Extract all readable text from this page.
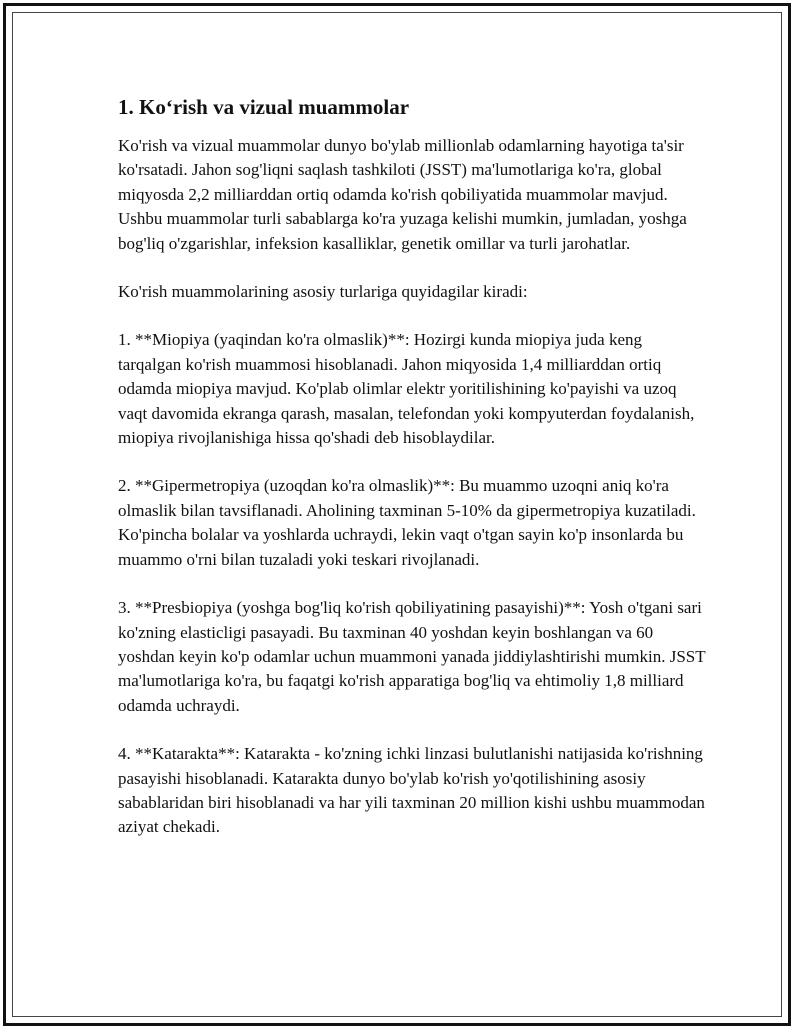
1. Ko‘rish va vizual muammolar

Ko'rish va vizual muammolar dunyo bo'ylab millionlab odamlarning hayotiga ta'sir ko'rsatadi. Jahon sog'liqni saqlash tashkiloti (JSST) ma'lumotlariga ko'ra, global miqyosda 2,2 milliarddan ortiq odamda ko'rish qobiliyatida muammolar mavjud. Ushbu muammolar turli sabablarga ko'ra yuzaga kelishi mumkin, jumladan, yoshga bog'liq o'zgarishlar, infeksion kasalliklar, genetik omillar va turli jarohatlar.

Ko'rish muammolarining asosiy turlariga quyidagilar kiradi:

1. **Miopiya (yaqindan ko'ra olmaslik)**: Hozirgi kunda miopiya juda keng tarqalgan ko'rish muammosi hisoblanadi. Jahon miqyosida 1,4 milliarddan ortiq odamda miopiya mavjud. Ko'plab olimlar elektr yoritilishining ko'payishi va uzoq vaqt davomida ekranga qarash, masalan, telefondan yoki kompyuterdan foydalanish, miopiya rivojlanishiga hissa qo'shadi deb hisoblaydilar.

2. **Gipermetropiya (uzoqdan ko'ra olmaslik)**: Bu muammo uzoqni aniq ko'ra olmaslik bilan tavsiflanadi. Aholining taxminan 5-10% da gipermetropiya kuzatiladi. Ko'pincha bolalar va yoshlarda uchraydi, lekin vaqt o'tgan sayin ko'p insonlarda bu muammo o'rni bilan tuzaladi yoki teskari rivojlanadi.

3. **Presbiopiya (yoshga bog'liq ko'rish qobiliyatining pasayishi)**: Yosh o'tgani sari ko'zning elasticligi pasayadi. Bu taxminan 40 yoshdan keyin boshlangan va 60 yoshdan keyin ko'p odamlar uchun muammoni yanada jiddiylashtirishi mumkin. JSST ma'lumotlariga ko'ra, bu faqatgi ko'rish apparatiga bog'liq va ehtimoliy 1,8 milliard odamda uchraydi.

4. **Katarakta**: Katarakta - ko'zning ichki linzasi bulutlanishi natijasida ko'rishning pasayishi hisoblanadi. Katarakta dunyo bo'ylab ko'rish yo'qotilishining asosiy sabablaridan biri hisoblanadi va har yili taxminan 20 million kishi ushbu muammodan aziyat chekadi.
